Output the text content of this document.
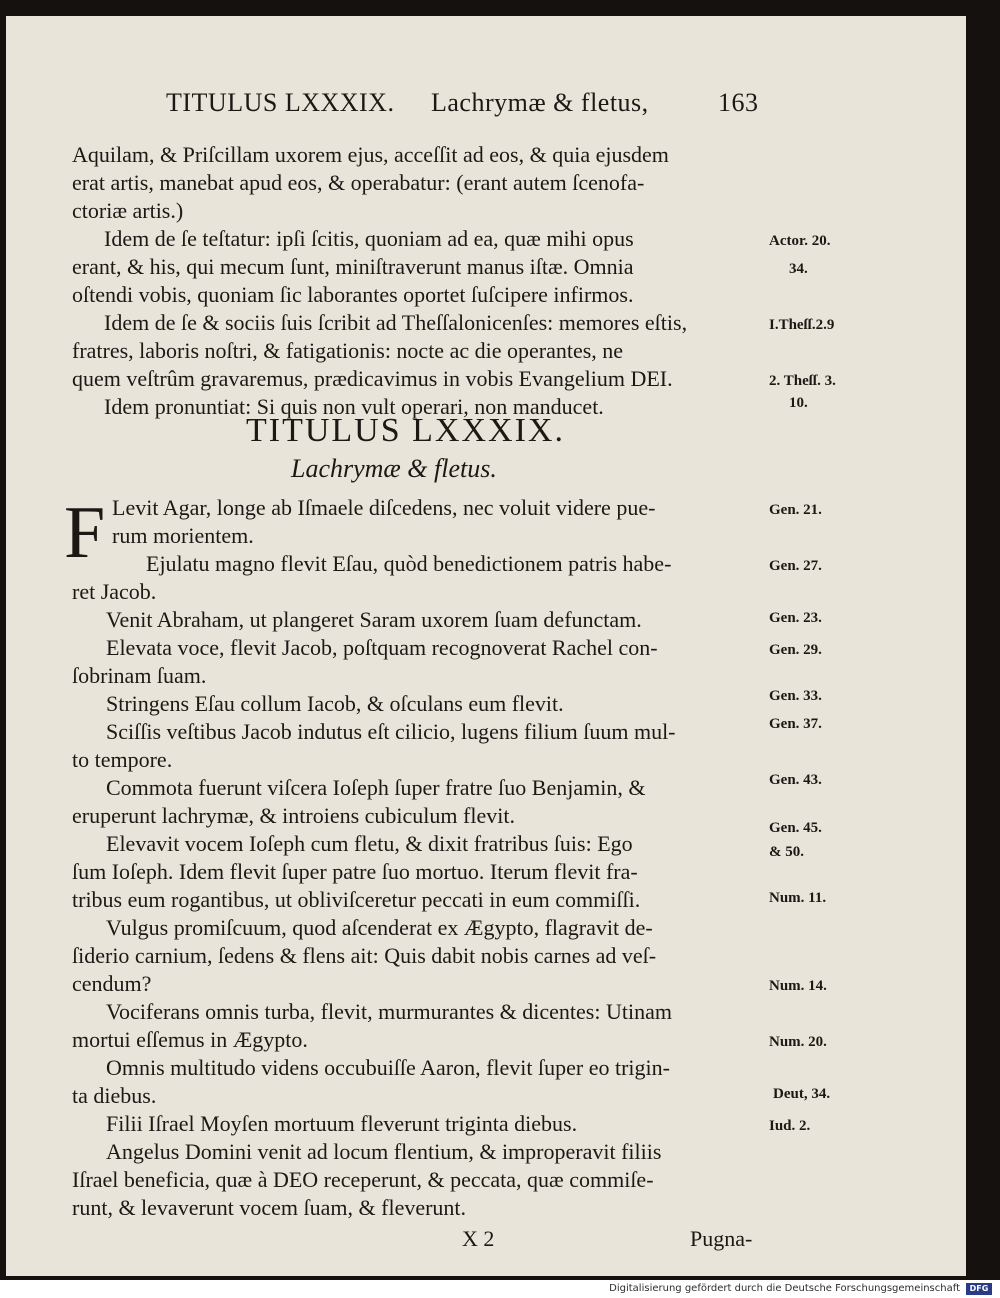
TITULUS LXXXIX. Lachrymæ & fletus,	163
Aquilam, & Priſcillam uxorem ejus, acceſſit ad eos, & quia ejusdem
erat artis, manebat apud eos, & operabatur: (erant autem ſcenofa-
ctoriæ artis.)
Idem de ſe teſtatur: ipſi ſcitis, quoniam ad ea, quæ mihi opus
erant, & his, qui mecum ſunt, miniſtraverunt manus iſtæ. Omnia
oſtendi vobis, quoniam ſic laborantes oportet ſuſcipere infirmos.
Idem de ſe & sociis ſuis ſcribit ad Theſſalonicenſes: memores eſtis,
fratres, laboris noſtri, & fatigationis: nocte ac die operantes, ne
quem veſtrûm gravaremus, prædicavimus in vobis Evangelium DEI.
Idem pronuntiat: Si quis non vult operari, non manducet.
TITULUS LXXXIX.
Lachrymæ & fletus.
F Levit Agar, longe ab Iſmaele diſcedens, nec voluit videre pue-
rum morientem.
Ejulatu magno flevit Eſau, quòd benedictionem patris habe-
ret Jacob.
Venit Abraham, ut plangeret Saram uxorem ſuam defunctam.
Elevata voce, flevit Jacob, poſtquam recognoverat Rachel con-
ſobrinam ſuam.
Stringens Eſau collum Iacob, & oſculans eum flevit.
Sciſſis veſtibus Jacob indutus eſt cilicio, lugens filium ſuum mul-
to tempore.
Commota fuerunt viſcera Ioſeph ſuper fratre ſuo Benjamin, &
eruperunt lachrymæ, & introiens cubiculum flevit.
Elevavit vocem Ioſeph cum fletu, & dixit fratribus ſuis: Ego
ſum Ioſeph. Idem flevit ſuper patre ſuo mortuo. Iterum flevit fra-
tribus eum rogantibus, ut obliviſceretur peccati in eum commiſſi.
Vulgus promiſcuum, quod aſcenderat ex Ægypto, flagravit de-
ſiderio carnium, ſedens & flens ait: Quis dabit nobis carnes ad veſ-
cendum?
Vociferans omnis turba, flevit, murmurantes & dicentes: Utinam
mortui eſſemus in Ægypto.
Omnis multitudo videns occubuiſſe Aaron, flevit ſuper eo trigin-
ta diebus.
Filii Iſrael Moyſen mortuum fleverunt triginta diebus.
Angelus Domini venit ad locum flentium, & improperavit filiis
Iſrael beneficia, quæ à DEO receperunt, & peccata, quæ commiſe-
runt, & levaverunt vocem ſuam, & fleverunt.
Actor. 20.
34.
I.Theſſ.2.9
2. Theſſ. 3.
10.
Gen. 21.
Gen. 27.
Gen. 23.
Gen. 29.
Gen. 33.
Gen. 37.
Gen. 43.
Gen. 45.
& 50.
Num. 11.
Num. 14.
Num. 20.
Deut, 34.
Iud. 2.
X 2	Pugna-
Digitalisierung gefördert durch die Deutsche Forschungsgemeinschaft	DFG
